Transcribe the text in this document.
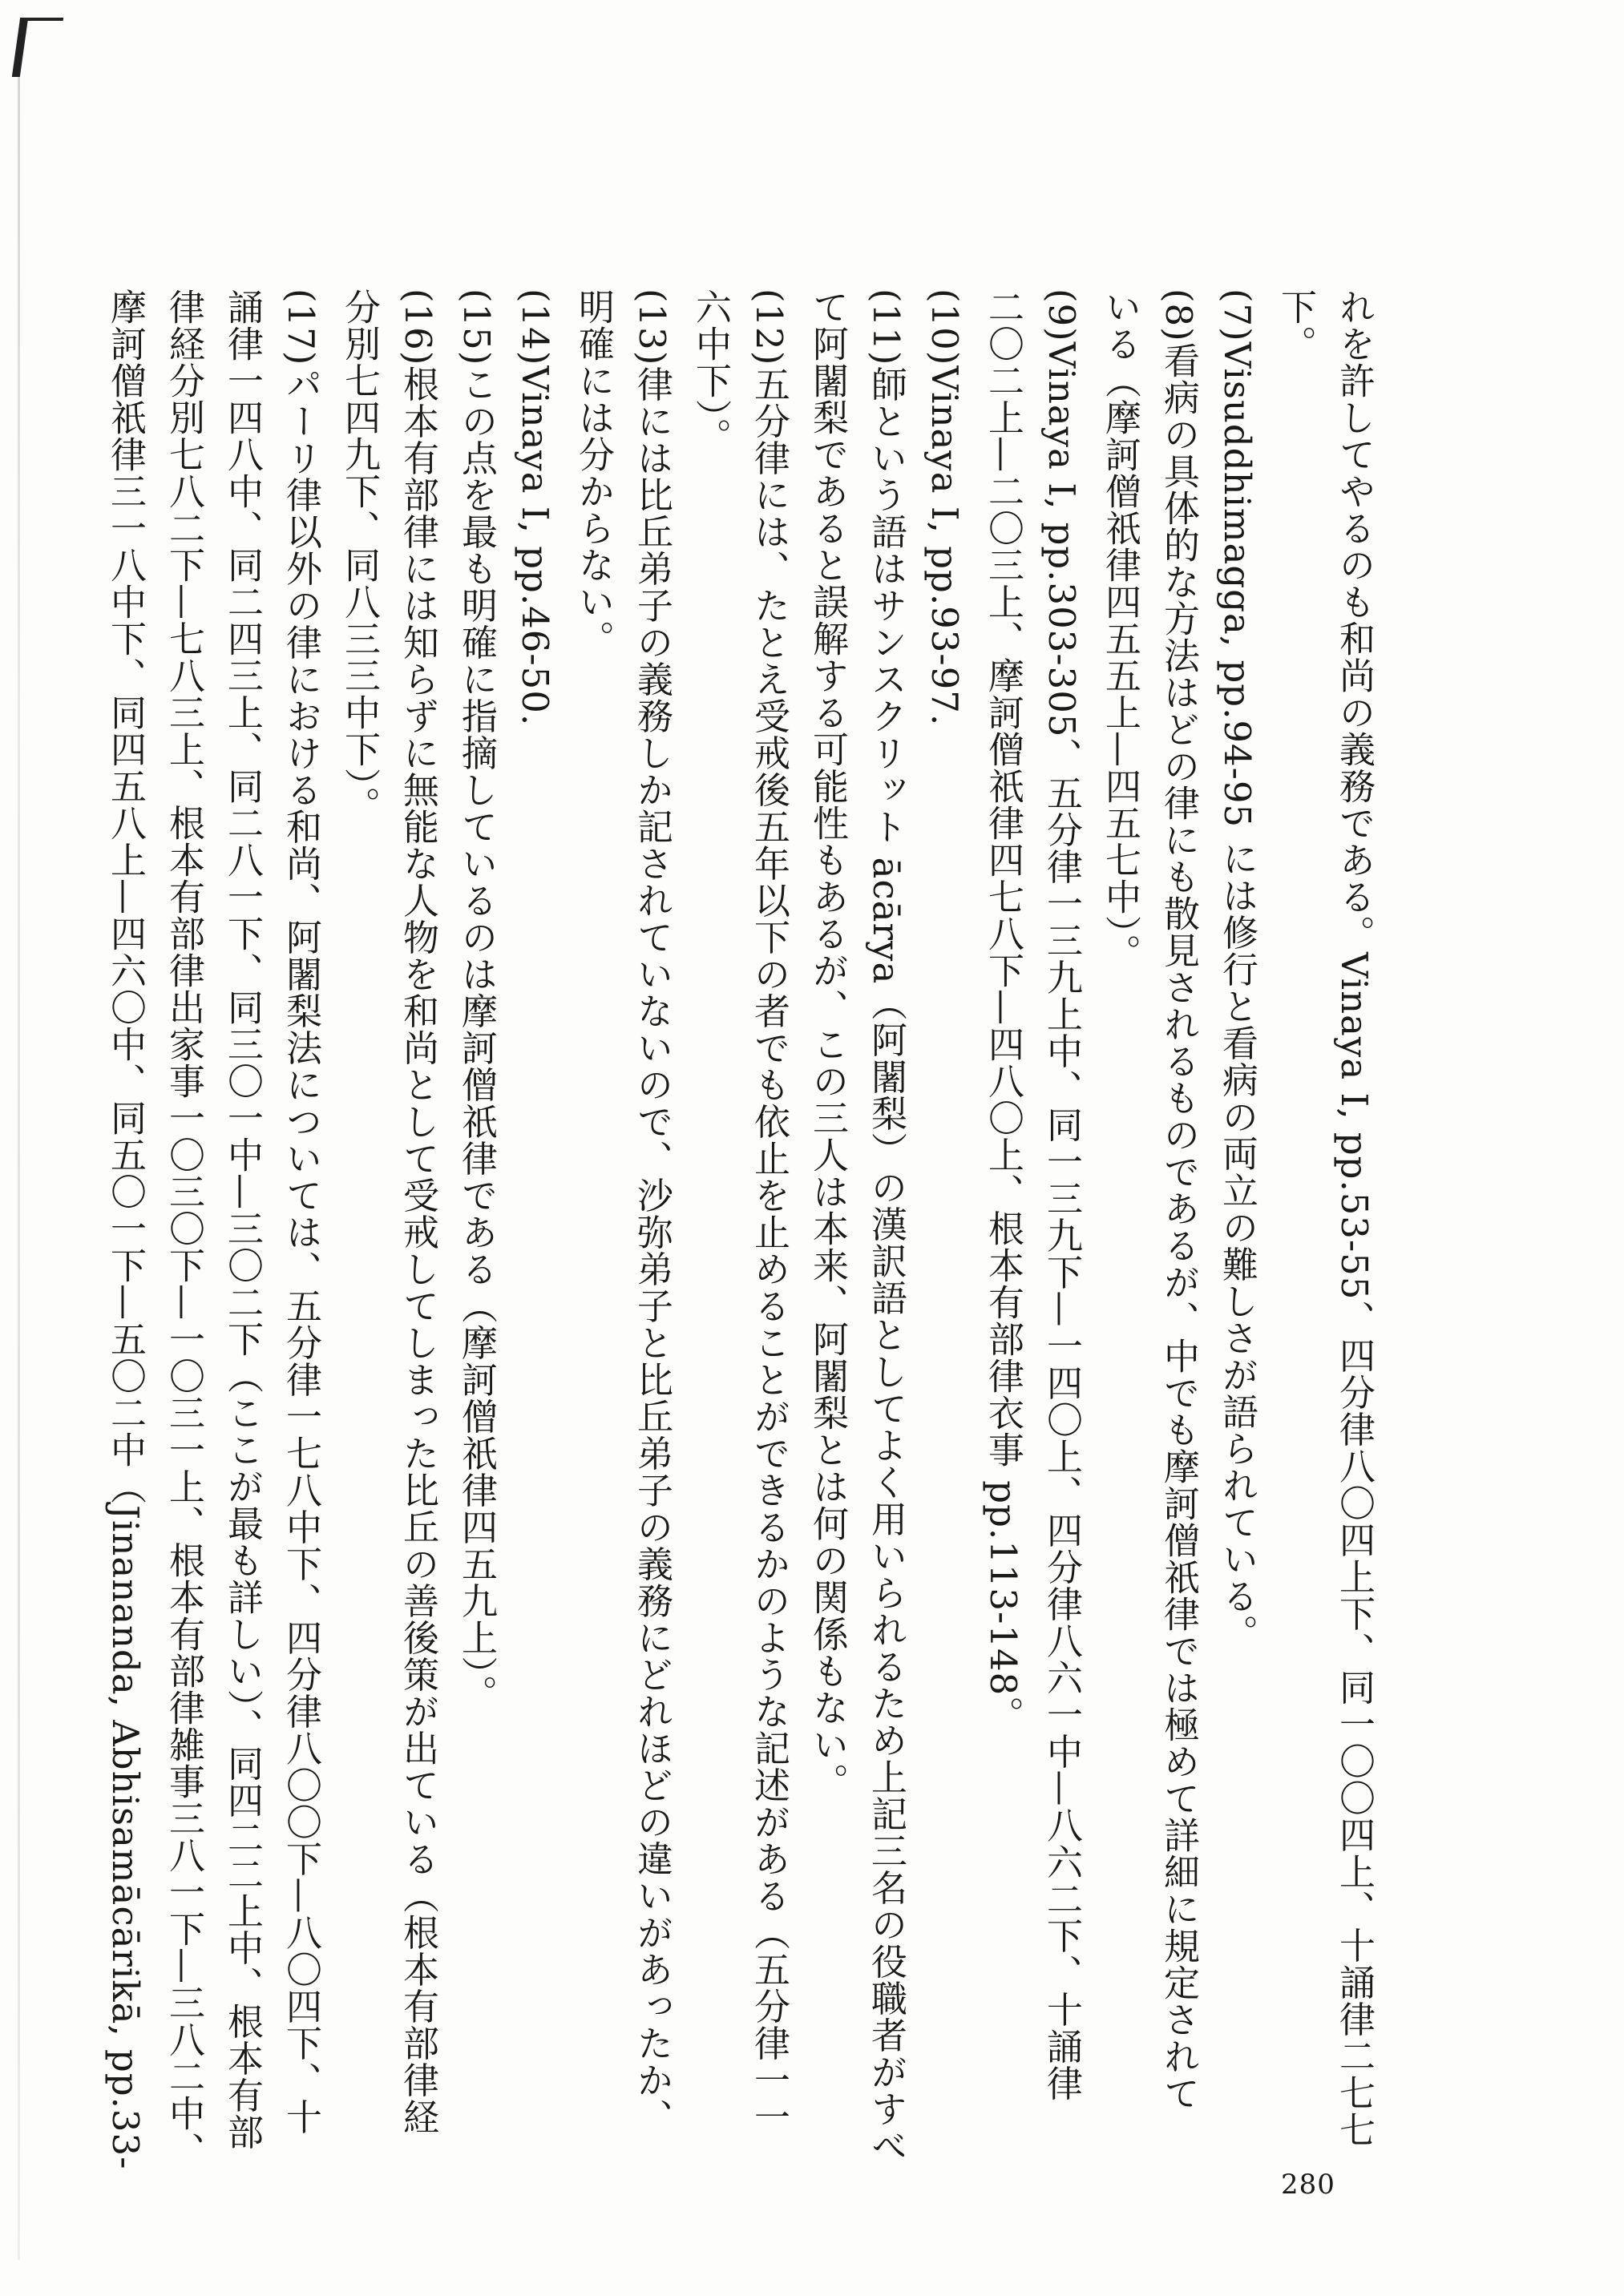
れを許してやるのも和尚の義務である。Vinaya I, pp.53-55、四分律八〇四上下、同一〇〇四上、十誦律二七七
下。
(7)Visuddhimagga, pp.94-95 には修行と看病の両立の難しさが語られている。
(8)看病の具体的な方法はどの律にも散見されるものであるが、中でも摩訶僧祇律では極めて詳細に規定されて
いる（摩訶僧祇律四五五上—四五七中）。
(9)Vinaya I, pp.303-305、五分律一三九上中、同一三九下—一四〇上、四分律八六一中—八六二下、十誦律
二〇二上—二〇三上、摩訶僧祇律四七八下—四八〇上、根本有部律衣事 pp.113-148。
(10)Vinaya I, pp.93-97.
(11)師という語はサンスクリット ācārya（阿闍梨）の漢訳語としてよく用いられるため上記三名の役職者がすべ
て阿闍梨であると誤解する可能性もあるが、この三人は本来、阿闍梨とは何の関係もない。
(12)五分律には、たとえ受戒後五年以下の者でも依止を止めることができるかのような記述がある（五分律一一
六中下）。
(13)律には比丘弟子の義務しか記されていないので、沙弥弟子と比丘弟子の義務にどれほどの違いがあったか、
明確には分からない。
(14)Vinaya I, pp.46-50.
(15)この点を最も明確に指摘しているのは摩訶僧祇律である（摩訶僧祇律四五九上）。
(16)根本有部律には知らずに無能な人物を和尚として受戒してしまった比丘の善後策が出ている（根本有部律経
分別七四九下、同八三三中下）。
(17)パーリ律以外の律における和尚、阿闍梨法については、五分律一七八中下、四分律八〇〇下—八〇四下、十
誦律一四八中、同二四三上、同二八一下、同三〇一中—三〇二下（ここが最も詳しい）、同四二二上中、根本有部
律経分別七八二下—七八三上、根本有部律出家事一〇三〇下—一〇三一上、根本有部律雑事三八一下—三八二中、
摩訶僧祇律三一八中下、同四五八上—四六〇中、同五〇一下—五〇二中（Jinananda, Abhisamācārikā, pp.33-
280
